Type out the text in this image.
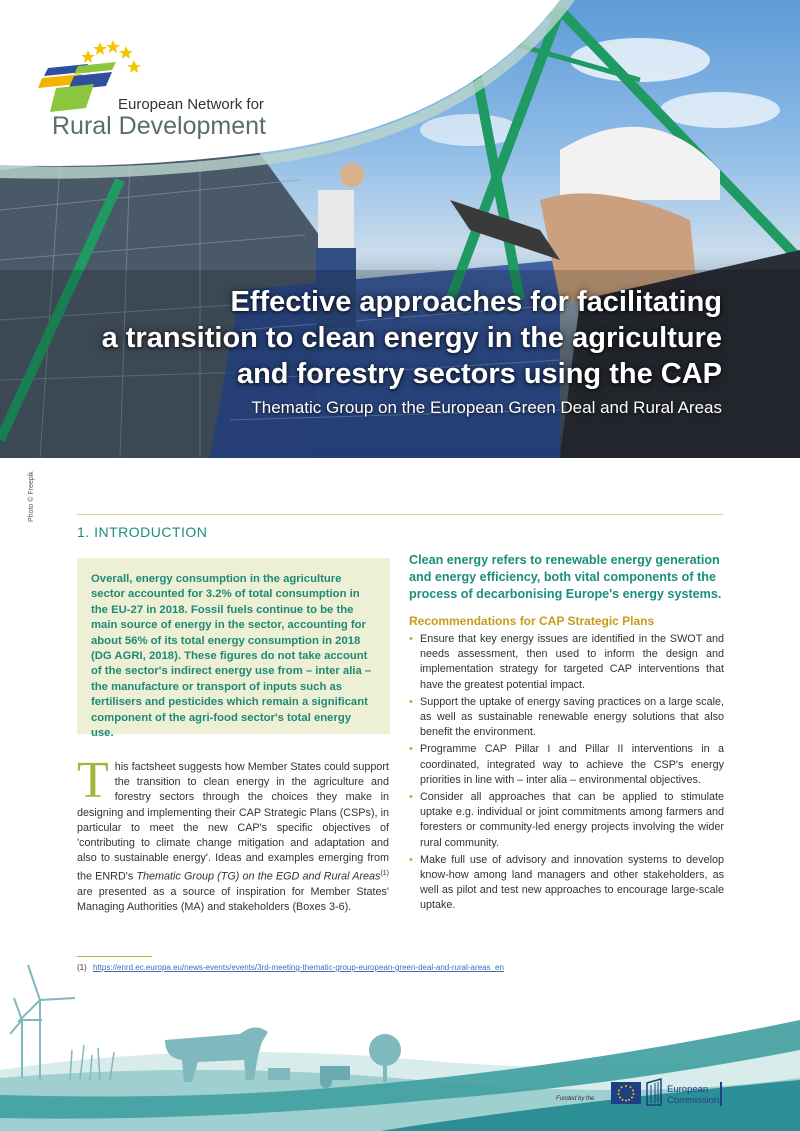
European Network for
Rural Development
Effective approaches for facilitating
a transition to clean energy in the agriculture
and forestry sectors using the CAP
Thematic Group on the European Green Deal and Rural Areas
Photo © Freepik
1. INTRODUCTION

Overall, energy consumption in the agriculture sector accounted for 3.2% of total consumption in the EU-27 in 2018. Fossil fuels continue to be the main source of energy in the sector, accounting for about 56% of its total energy consumption in 2018 (DG AGRI, 2018). These figures do not take account of the sector's indirect energy use from – inter alia – the manufacture or transport of inputs such as fertilisers and pesticides which remain a significant component of the agri-food sector's total energy use.

This factsheet suggests how Member States could support the transition to clean energy in the agriculture and forestry sectors through the choices they make in designing and implementing their CAP Strategic Plans (CSPs), in particular to meet the new CAP's specific objectives of 'contributing to climate change mitigation and adaptation and also to sustainable energy'. Ideas and examples emerging from the ENRD's Thematic Group (TG) on the EGD and Rural Areas$^{(1)}$ are presented as a source of inspiration for Member States' Managing Authorities (MA) and stakeholders (Boxes 3-6).
Clean energy refers to renewable energy generation and energy efficiency, both vital components of the process of decarbonising Europe's energy systems.
Recommendations for CAP Strategic Plans
• Ensure that key energy issues are identified in the SWOT and needs assessment, then used to inform the design and implementation strategy for targeted CAP interventions that have the greatest potential impact.
• Support the uptake of energy saving practices on a large scale, as well as sustainable renewable energy solutions that also benefit the environment.
• Programme CAP Pillar I and Pillar II interventions in a coordinated, integrated way to achieve the CSP's energy priorities in line with – inter alia – environmental objectives.
• Consider all approaches that can be applied to stimulate uptake e.g. individual or joint commitments among farmers and foresters or community-led energy projects involving the wider rural community.
• Make full use of advisory and innovation systems to develop know-how among land managers and other stakeholders, as well as pilot and test new approaches to encourage large-scale uptake.
(1) https://enrd.ec.europa.eu/news-events/events/3rd-meeting-thematic-group-european-green-deal-and-rural-areas_en
Funded by the
European
Commission
